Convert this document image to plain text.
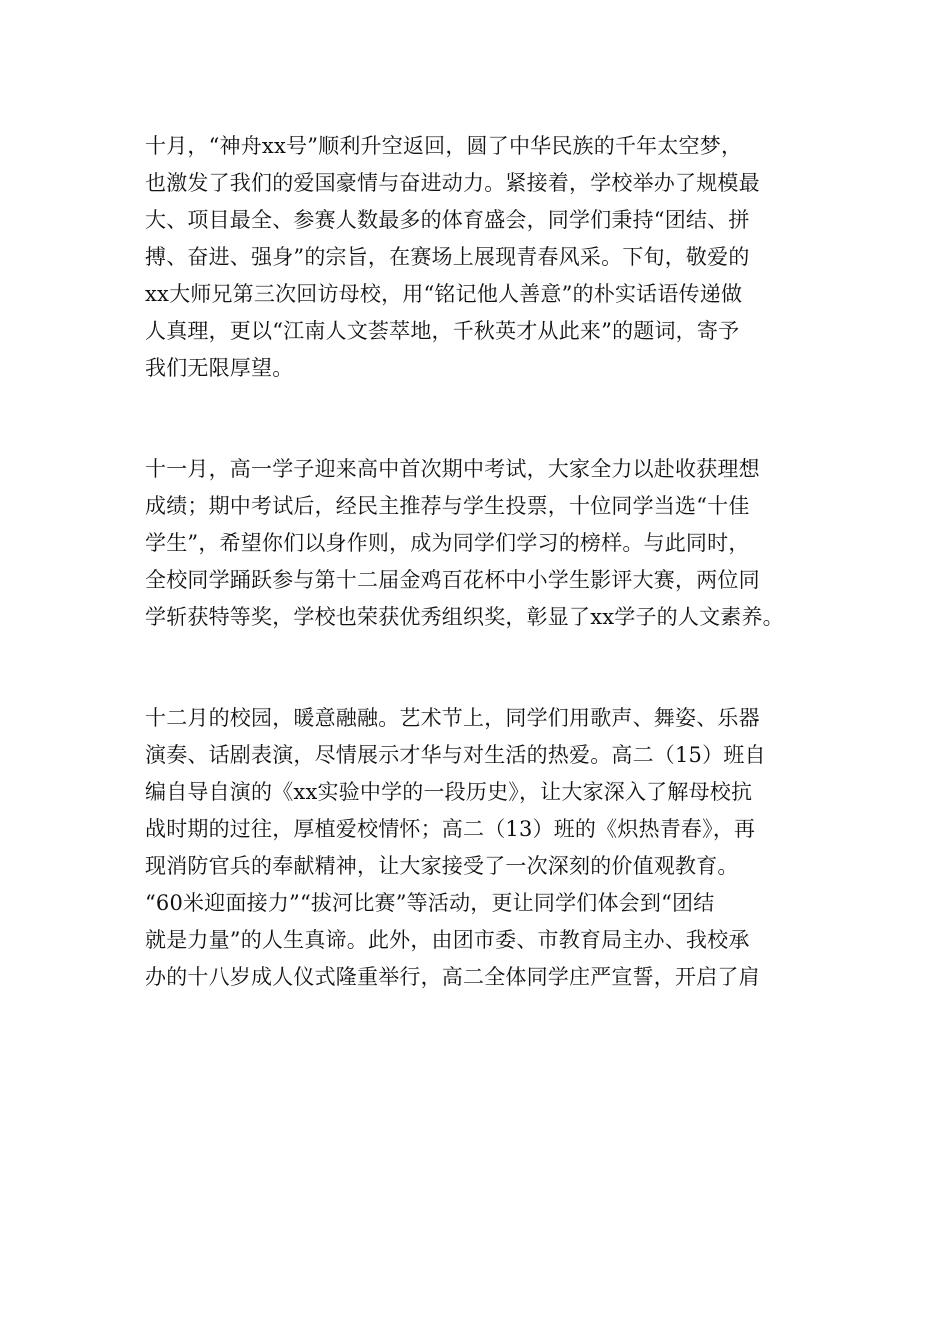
十月，“神舟xx号”顺利升空返回，圆了中华民族的千年太空梦，
也激发了我们的爱国豪情与奋进动力。紧接着，学校举办了规模最
大、项目最全、参赛人数最多的体育盛会，同学们秉持“团结、拼
搏、奋进、强身”的宗旨，在赛场上展现青春风采。下旬，敬爱的
xx大师兄第三次回访母校，用“铭记他人善意”的朴实话语传递做
人真理，更以“江南人文荟萃地，千秋英才从此来”的题词，寄予
我们无限厚望。

十一月，高一学子迎来高中首次期中考试，大家全力以赴收获理想
成绩；期中考试后，经民主推荐与学生投票，十位同学当选“十佳
学生”，希望你们以身作则，成为同学们学习的榜样。与此同时，
全校同学踊跃参与第十二届金鸡百花杯中小学生影评大赛，两位同
学斩获特等奖，学校也荣获优秀组织奖，彰显了xx学子的人文素养。

十二月的校园，暖意融融。艺术节上，同学们用歌声、舞姿、乐器
演奏、话剧表演，尽情展示才华与对生活的热爱。高二（15）班自
编自导自演的《xx实验中学的一段历史》，让大家深入了解母校抗
战时期的过往，厚植爱校情怀；高二（13）班的《炽热青春》，再
现消防官兵的奉献精神，让大家接受了一次深刻的价值观教育。
“60米迎面接力”“拔河比赛”等活动，更让同学们体会到“团结
就是力量”的人生真谛。此外，由团市委、市教育局主办、我校承
办的十八岁成人仪式隆重举行，高二全体同学庄严宣誓，开启了肩
